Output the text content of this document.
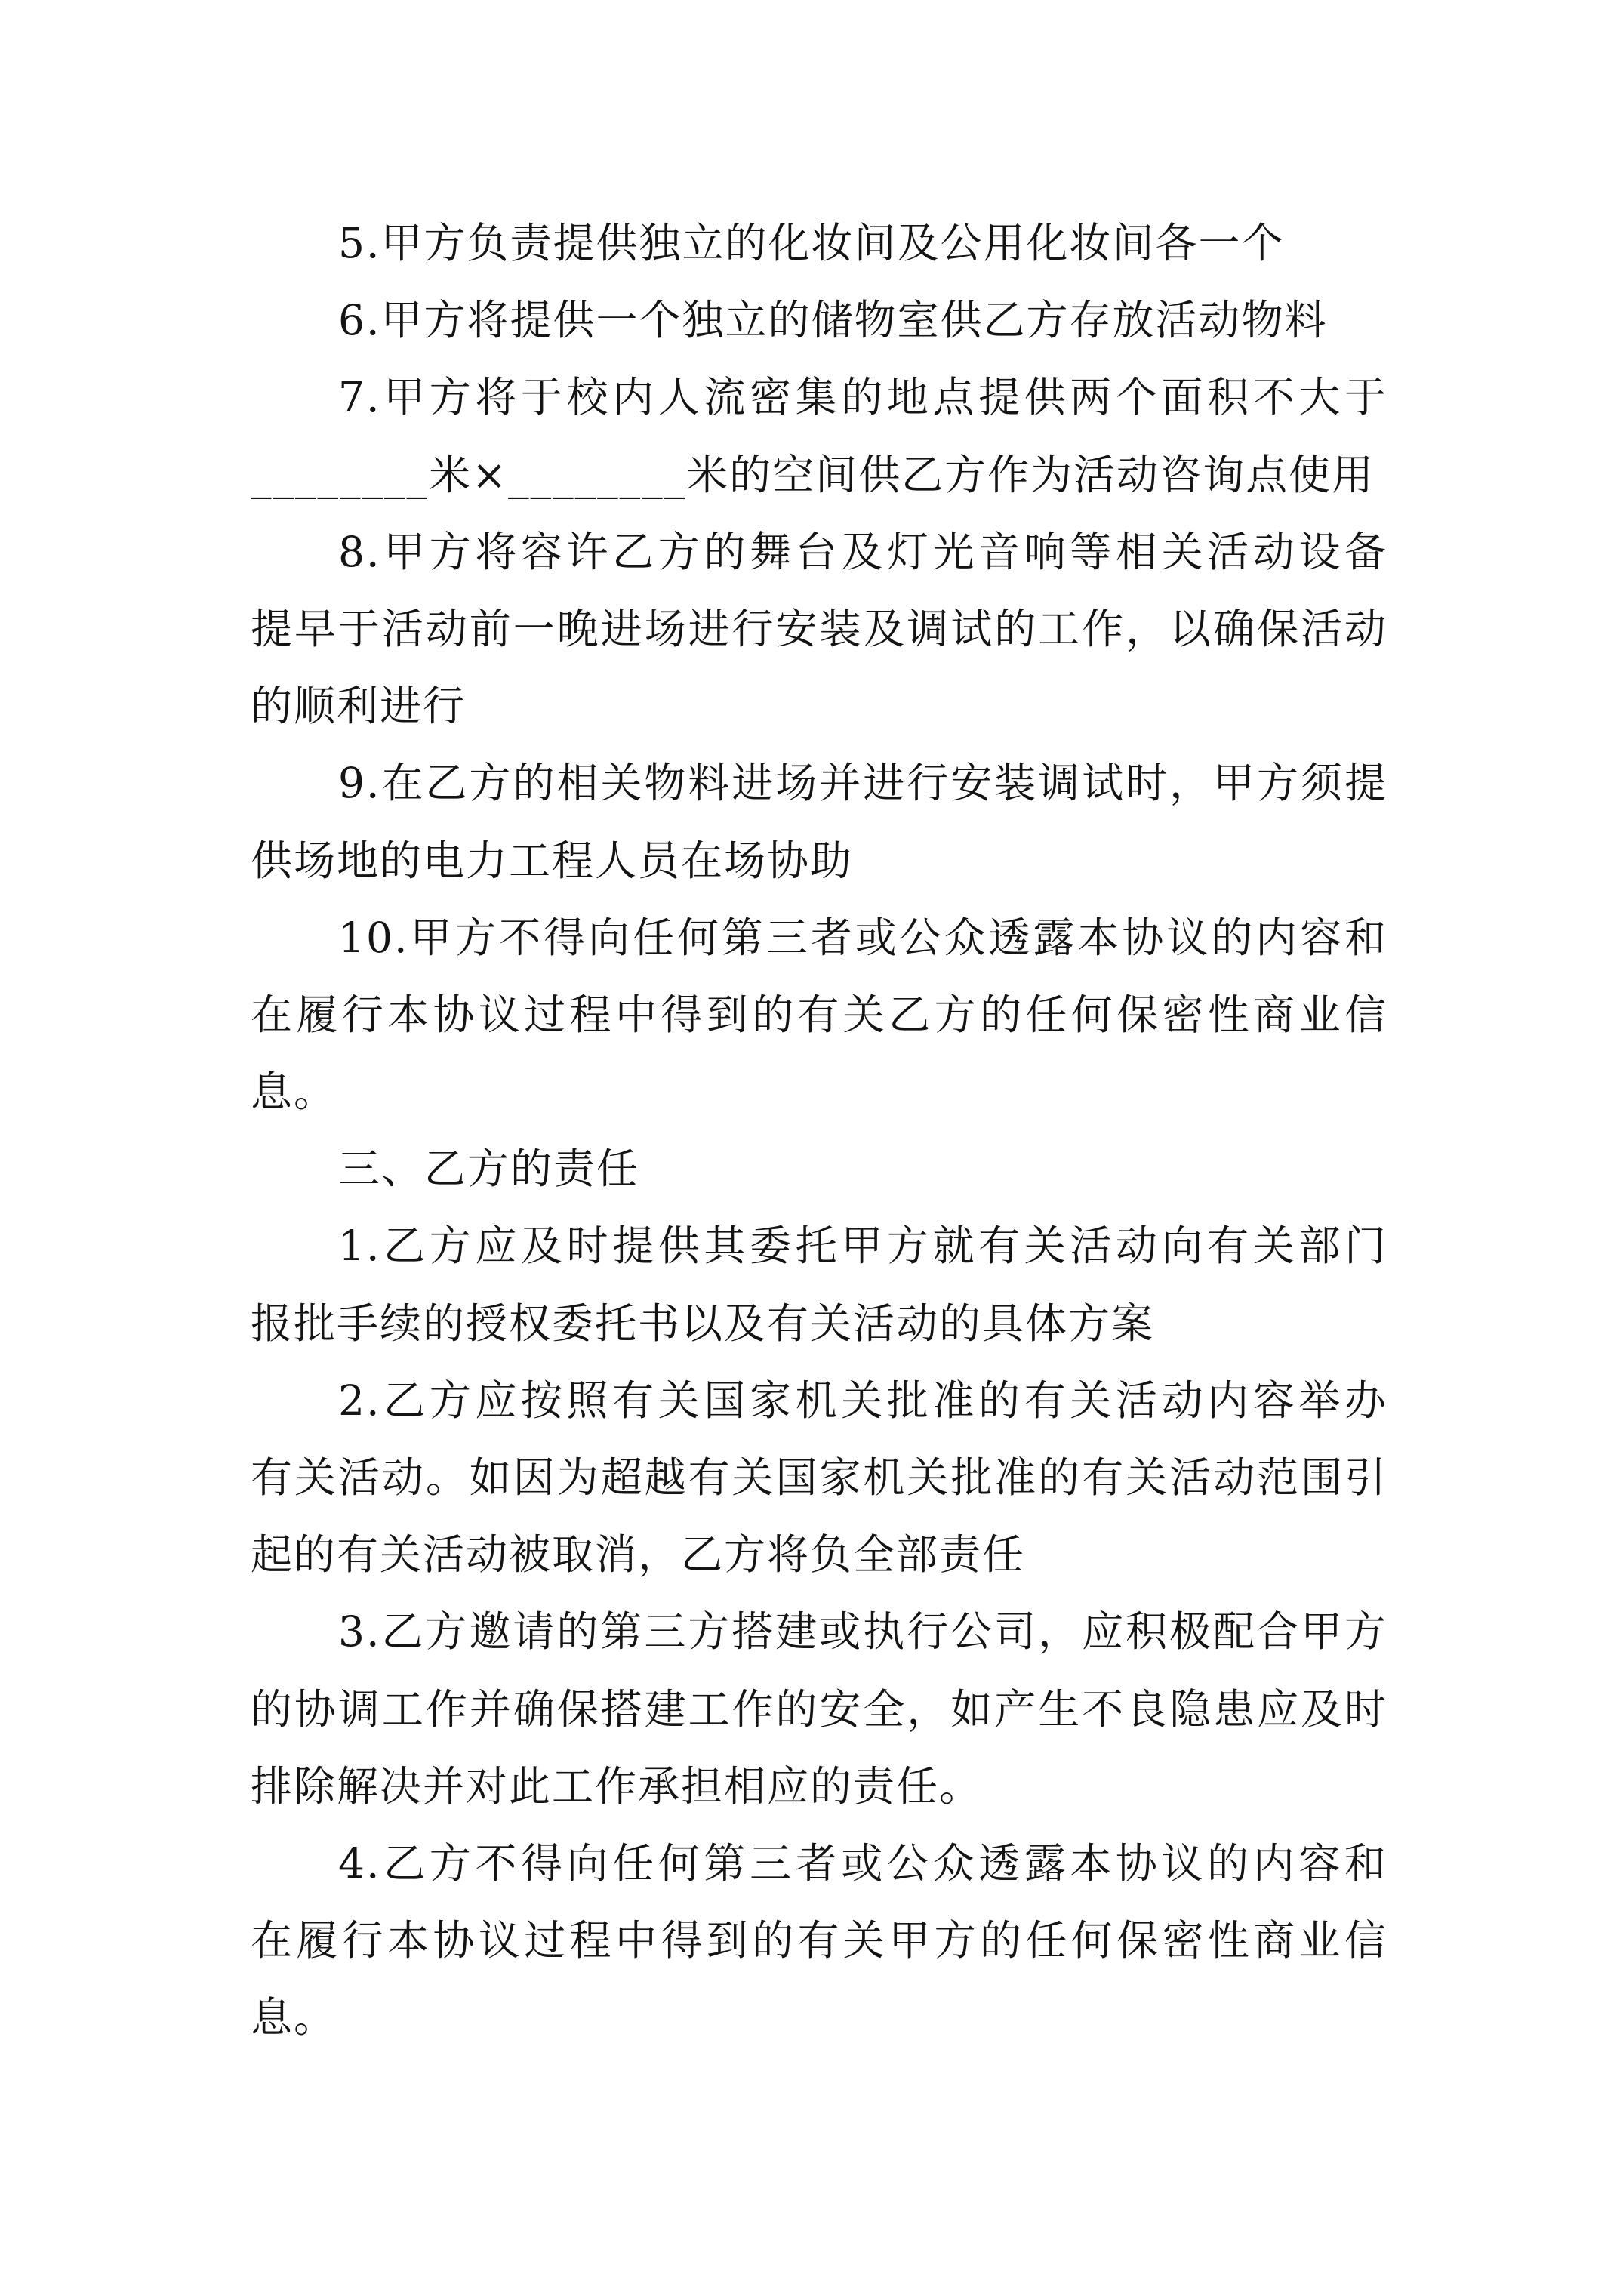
5.甲方负责提供独立的化妆间及公用化妆间各一个
6.甲方将提供一个独立的储物室供乙方存放活动物料
7.甲方将于校内人流密集的地点提供两个面积不大于
________米×________米的空间供乙方作为活动咨询点使用
8.甲方将容许乙方的舞台及灯光音响等相关活动设备
提早于活动前一晚进场进行安装及调试的工作，以确保活动
的顺利进行
9.在乙方的相关物料进场并进行安装调试时，甲方须提
供场地的电力工程人员在场协助
10.甲方不得向任何第三者或公众透露本协议的内容和
在履行本协议过程中得到的有关乙方的任何保密性商业信
息。
三、乙方的责任
1.乙方应及时提供其委托甲方就有关活动向有关部门
报批手续的授权委托书以及有关活动的具体方案
2.乙方应按照有关国家机关批准的有关活动内容举办
有关活动。如因为超越有关国家机关批准的有关活动范围引
起的有关活动被取消，乙方将负全部责任
3.乙方邀请的第三方搭建或执行公司，应积极配合甲方
的协调工作并确保搭建工作的安全，如产生不良隐患应及时
排除解决并对此工作承担相应的责任。
4.乙方不得向任何第三者或公众透露本协议的内容和
在履行本协议过程中得到的有关甲方的任何保密性商业信
息。
